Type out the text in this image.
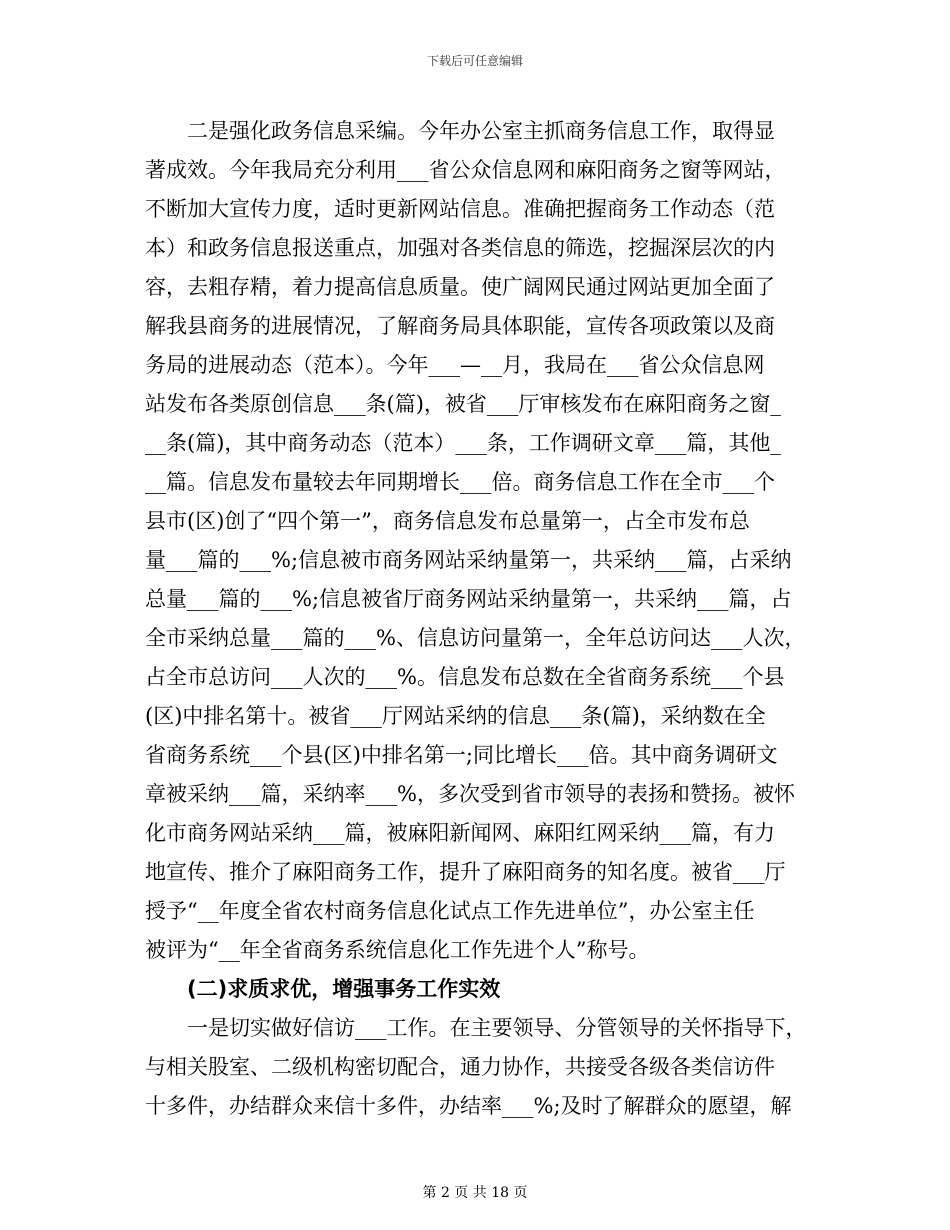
下载后可任意编辑
　　二是强化政务信息采编。今年办公室主抓商务信息工作，取得显
著成效。今年我局充分利用___省公众信息网和麻阳商务之窗等网站，
不断加大宣传力度，适时更新网站信息。准确把握商务工作动态（范
本）和政务信息报送重点，加强对各类信息的筛选，挖掘深层次的内
容，去粗存精，着力提高信息质量。使广阔网民通过网站更加全面了
解我县商务的进展情况，了解商务局具体职能，宣传各项政策以及商
务局的进展动态（范本）。今年___—__月，我局在___省公众信息网
站发布各类原创信息___条(篇)，被省___厅审核发布在麻阳商务之窗_
__条(篇)，其中商务动态（范本）___条，工作调研文章___篇，其他_
__篇。信息发布量较去年同期增长___倍。商务信息工作在全市___个
县市(区)创了“四个第一”，商务信息发布总量第一，占全市发布总
量___篇的___%;信息被市商务网站采纳量第一，共采纳___篇，占采纳
总量___篇的___%;信息被省厅商务网站采纳量第一，共采纳___篇，占
全市采纳总量___篇的___%、信息访问量第一，全年总访问达___人次，
占全市总访问___人次的___%。信息发布总数在全省商务系统___个县
(区)中排名第十。被省___厅网站采纳的信息___条(篇)，采纳数在全
省商务系统___个县(区)中排名第一;同比增长___倍。其中商务调研文
章被采纳___篇，采纳率___%，多次受到省市领导的表扬和赞扬。被怀
化市商务网站采纳___篇，被麻阳新闻网、麻阳红网采纳___篇，有力
地宣传、推介了麻阳商务工作，提升了麻阳商务的知名度。被省___厅
授予“__年度全省农村商务信息化试点工作先进单位”，办公室主任
被评为“__年全省商务系统信息化工作先进个人”称号。
　　(二)求质求优，增强事务工作实效
　　一是切实做好信访___工作。在主要领导、分管领导的关怀指导下，
与相关股室、二级机构密切配合，通力协作，共接受各级各类信访件
十多件，办结群众来信十多件，办结率___%;及时了解群众的愿望，解
第 2 页 共 18 页
